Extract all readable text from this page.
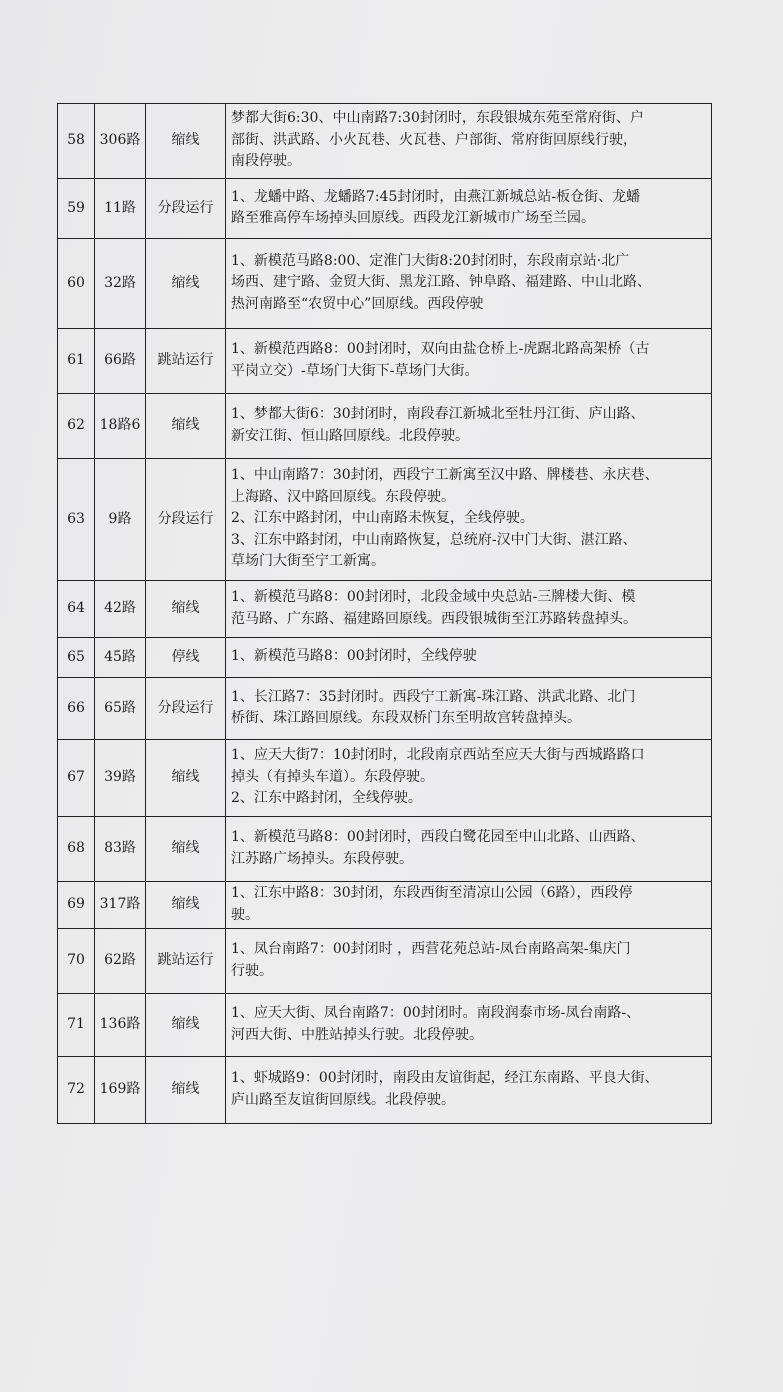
58	306路	缩线	梦都大街6:30、中山南路7:30封闭时，东段银城东苑至常府街、户
部街、洪武路、小火瓦巷、火瓦巷、户部街、常府街回原线行驶，
南段停驶。

59	11路	分段运行	1、龙蟠中路、龙蟠路7:45封闭时，由燕江新城总站-板仓街、龙蟠
路至雅高停车场掉头回原线。西段龙江新城市广场至兰园。

60	32路	缩线	1、新模范马路8:00、定淮门大街8:20封闭时，东段南京站·北广
场西、建宁路、金贸大街、黑龙江路、钟阜路、福建路、中山北路、
热河南路至“农贸中心”回原线。西段停驶

61	66路	跳站运行	1、新模范西路8：00封闭时，双向由盐仓桥上-虎踞北路高架桥（古
平岗立交）-草场门大街下-草场门大街。

62	18路6	缩线	1、梦都大街6：30封闭时，南段春江新城北至牡丹江街、庐山路、
新安江街、恒山路回原线。北段停驶。

63	9路	分段运行	1、中山南路7：30封闭，西段宁工新寓至汉中路、牌楼巷、永庆巷、
上海路、汉中路回原线。东段停驶。
2、江东中路封闭，中山南路未恢复，全线停驶。
3、江东中路封闭，中山南路恢复，总统府-汉中门大街、湛江路、
草场门大街至宁工新寓。

64	42路	缩线	1、新模范马路8：00封闭时，北段金域中央总站-三牌楼大街、模
范马路、广东路、福建路回原线。西段银城街至江苏路转盘掉头。

65	45路	停线	1、新模范马路8：00封闭时，全线停驶

66	65路	分段运行	1、长江路7：35封闭时。西段宁工新寓-珠江路、洪武北路、北门
桥街、珠江路回原线。东段双桥门东至明故宫转盘掉头。

67	39路	缩线	1、应天大街7：10封闭时，北段南京西站至应天大街与西城路路口
掉头（有掉头车道）。东段停驶。
2、江东中路封闭，全线停驶。

68	83路	缩线	1、新模范马路8：00封闭时，西段白鹭花园至中山北路、山西路、
江苏路广场掉头。东段停驶。

69	317路	缩线	1、江东中路8：30封闭，东段西街至清凉山公园（6路），西段停
驶。

70	62路	跳站运行	1、凤台南路7：00封闭时 ，西营花苑总站-凤台南路高架-集庆门
行驶。

71	136路	缩线	1、应天大街、凤台南路7：00封闭时。南段润泰市场-凤台南路-、
河西大街、中胜站掉头行驶。北段停驶。

72	169路	缩线	1、虾城路9：00封闭时，南段由友谊街起，经江东南路、平良大街、
庐山路至友谊街回原线。北段停驶。
